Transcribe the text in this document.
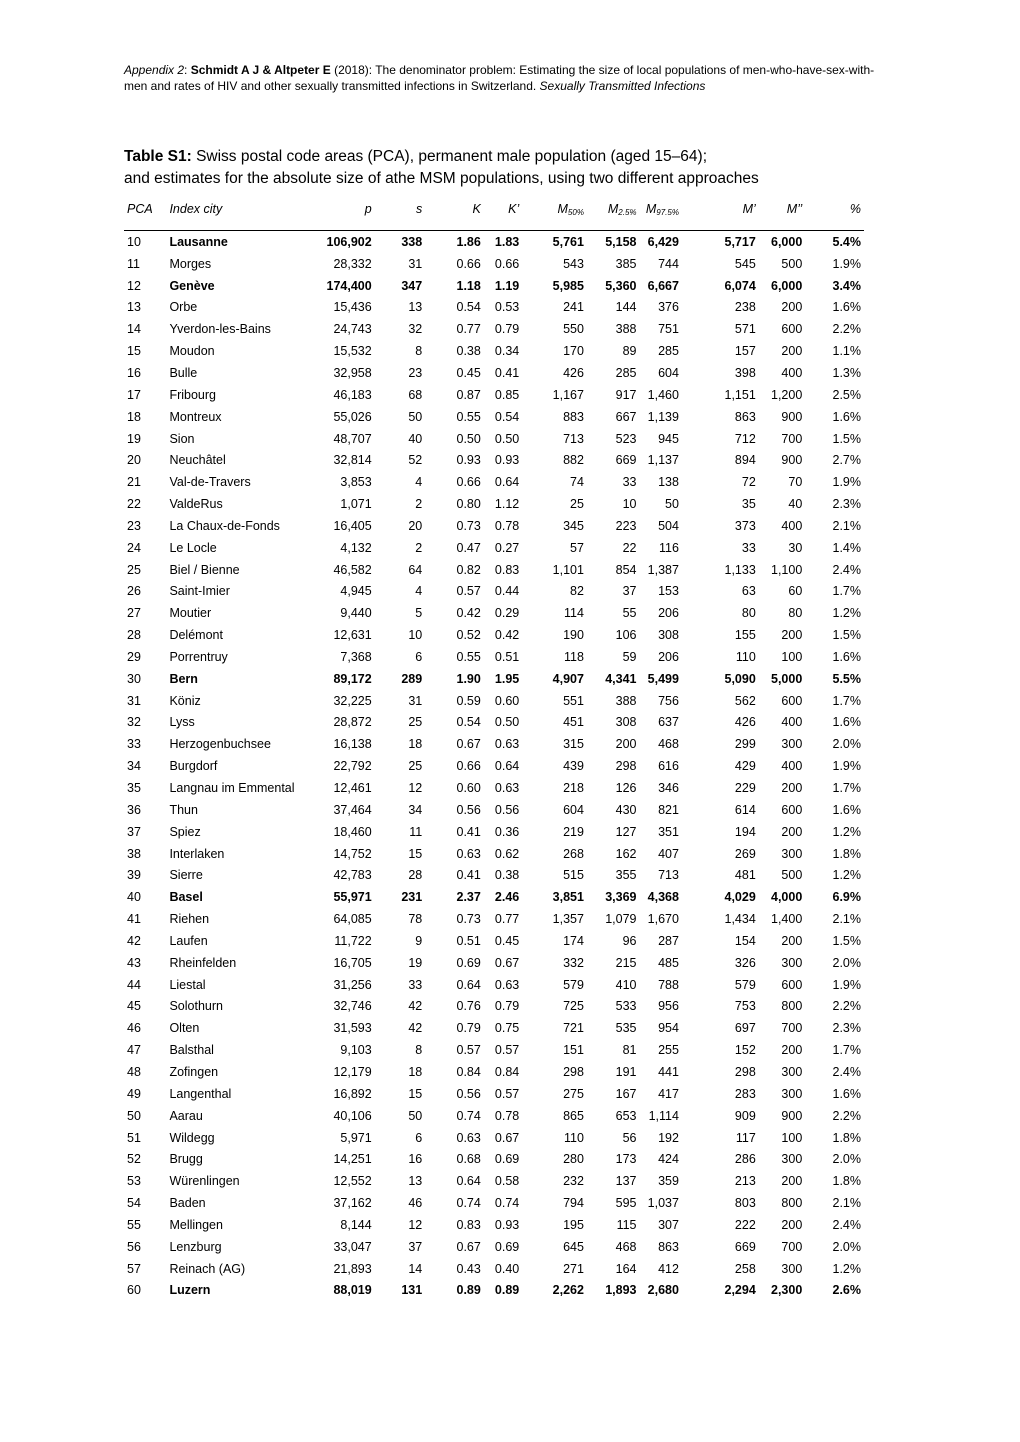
Appendix 2: Schmidt A J & Altpeter E (2018): The denominator problem: Estimating the size of local populations of men-who-have-sex-with-men and rates of HIV and other sexually transmitted infections in Switzerland. Sexually Transmitted Infections
Table S1: Swiss postal code areas (PCA), permanent male population (aged 15–64);
and estimates for the absolute size of athe MSM populations, using two different approaches
PCA	Index city	p	s	K	K’	$M_{50\%}$	$M_{2.5\%}$	$M_{97.5\%}$	M’	M’’	%

10	Lausanne	106,902	338	1.86	1.83	5,761	5,158	6,429	5,717	6,000	5.4%
11	Morges	28,332	31	0.66	0.66	543	385	744	545	500	1.9%
12	Genève	174,400	347	1.18	1.19	5,985	5,360	6,667	6,074	6,000	3.4%
13	Orbe	15,436	13	0.54	0.53	241	144	376	238	200	1.6%
14	Yverdon-les-Bains	24,743	32	0.77	0.79	550	388	751	571	600	2.2%
15	Moudon	15,532	8	0.38	0.34	170	89	285	157	200	1.1%
16	Bulle	32,958	23	0.45	0.41	426	285	604	398	400	1.3%
17	Fribourg	46,183	68	0.87	0.85	1,167	917	1,460	1,151	1,200	2.5%
18	Montreux	55,026	50	0.55	0.54	883	667	1,139	863	900	1.6%
19	Sion	48,707	40	0.50	0.50	713	523	945	712	700	1.5%
20	Neuchâtel	32,814	52	0.93	0.93	882	669	1,137	894	900	2.7%
21	Val-de-Travers	3,853	4	0.66	0.64	74	33	138	72	70	1.9%
22	ValdeRus	1,071	2	0.80	1.12	25	10	50	35	40	2.3%
23	La Chaux-de-Fonds	16,405	20	0.73	0.78	345	223	504	373	400	2.1%
24	Le Locle	4,132	2	0.47	0.27	57	22	116	33	30	1.4%
25	Biel / Bienne	46,582	64	0.82	0.83	1,101	854	1,387	1,133	1,100	2.4%
26	Saint-Imier	4,945	4	0.57	0.44	82	37	153	63	60	1.7%
27	Moutier	9,440	5	0.42	0.29	114	55	206	80	80	1.2%
28	Delémont	12,631	10	0.52	0.42	190	106	308	155	200	1.5%
29	Porrentruy	7,368	6	0.55	0.51	118	59	206	110	100	1.6%
30	Bern	89,172	289	1.90	1.95	4,907	4,341	5,499	5,090	5,000	5.5%
31	Köniz	32,225	31	0.59	0.60	551	388	756	562	600	1.7%
32	Lyss	28,872	25	0.54	0.50	451	308	637	426	400	1.6%
33	Herzogenbuchsee	16,138	18	0.67	0.63	315	200	468	299	300	2.0%
34	Burgdorf	22,792	25	0.66	0.64	439	298	616	429	400	1.9%
35	Langnau im Emmental	12,461	12	0.60	0.63	218	126	346	229	200	1.7%
36	Thun	37,464	34	0.56	0.56	604	430	821	614	600	1.6%
37	Spiez	18,460	11	0.41	0.36	219	127	351	194	200	1.2%
38	Interlaken	14,752	15	0.63	0.62	268	162	407	269	300	1.8%
39	Sierre	42,783	28	0.41	0.38	515	355	713	481	500	1.2%
40	Basel	55,971	231	2.37	2.46	3,851	3,369	4,368	4,029	4,000	6.9%
41	Riehen	64,085	78	0.73	0.77	1,357	1,079	1,670	1,434	1,400	2.1%
42	Laufen	11,722	9	0.51	0.45	174	96	287	154	200	1.5%
43	Rheinfelden	16,705	19	0.69	0.67	332	215	485	326	300	2.0%
44	Liestal	31,256	33	0.64	0.63	579	410	788	579	600	1.9%
45	Solothurn	32,746	42	0.76	0.79	725	533	956	753	800	2.2%
46	Olten	31,593	42	0.79	0.75	721	535	954	697	700	2.3%
47	Balsthal	9,103	8	0.57	0.57	151	81	255	152	200	1.7%
48	Zofingen	12,179	18	0.84	0.84	298	191	441	298	300	2.4%
49	Langenthal	16,892	15	0.56	0.57	275	167	417	283	300	1.6%
50	Aarau	40,106	50	0.74	0.78	865	653	1,114	909	900	2.2%
51	Wildegg	5,971	6	0.63	0.67	110	56	192	117	100	1.8%
52	Brugg	14,251	16	0.68	0.69	280	173	424	286	300	2.0%
53	Würenlingen	12,552	13	0.64	0.58	232	137	359	213	200	1.8%
54	Baden	37,162	46	0.74	0.74	794	595	1,037	803	800	2.1%
55	Mellingen	8,144	12	0.83	0.93	195	115	307	222	200	2.4%
56	Lenzburg	33,047	37	0.67	0.69	645	468	863	669	700	2.0%
57	Reinach (AG)	21,893	14	0.43	0.40	271	164	412	258	300	1.2%
60	Luzern	88,019	131	0.89	0.89	2,262	1,893	2,680	2,294	2,300	2.6%
